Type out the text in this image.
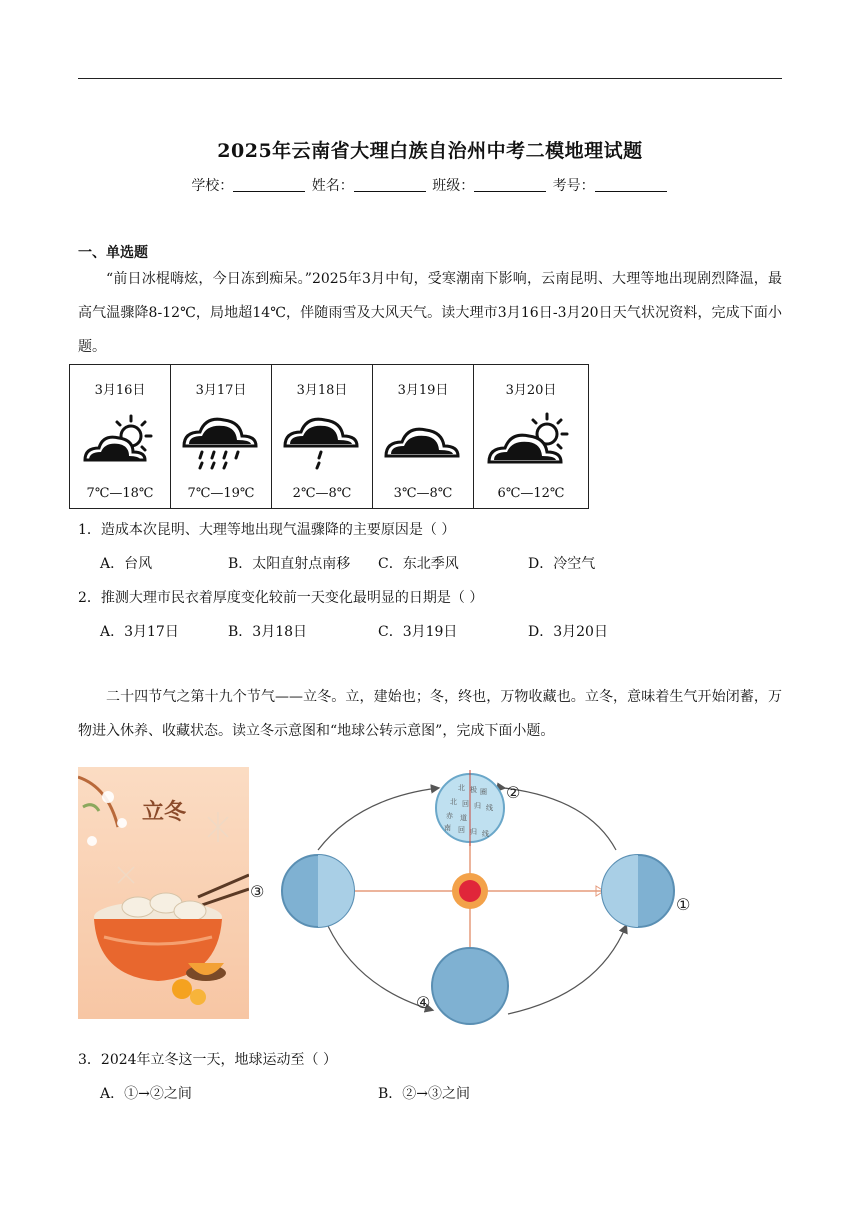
2025年云南省大理白族自治州中考二模地理试题
学校：	姓名：	班级：	考号：
一、单选题
“前日冰棍嗨炫，今日冻到痴呆。”2025年3月中旬，受寒潮南下影响，云南昆明、大理等地出现剧烈降温，最高气温骤降8-12℃，局地超14℃，伴随雨雪及大风天气。读大理市3月16日-3月20日天气状况资料，完成下面小题。
3月16日
7℃—18℃

3月17日
7℃—19℃

3月18日
2℃—8℃

3月19日
3℃—8℃

3月20日
6℃—12℃
1．造成本次昆明、大理等地出现气温骤降的主要原因是（ ）
A．台风	B．太阳直射点南移 C．东北季风	D．冷空气
2．推测大理市民衣着厚度变化较前一天变化最明显的日期是（ ）
A．3月17日	B．3月18日	C．3月19日	D．3月20日
二十四节气之第十九个节气——立冬。立，建始也；冬，终也，万物收藏也。立冬，意味着生气开始闭蓄，万物进入休养、收藏状态。读立冬示意图和“地球公转示意图”，完成下面小题。
立冬
北 极 圈
北 回 归 线
赤 道
南 回 归 线
②
③
①
④
3．2024年立冬这一天，地球运动至（ ）
A．①→②之间	B．②→③之间
